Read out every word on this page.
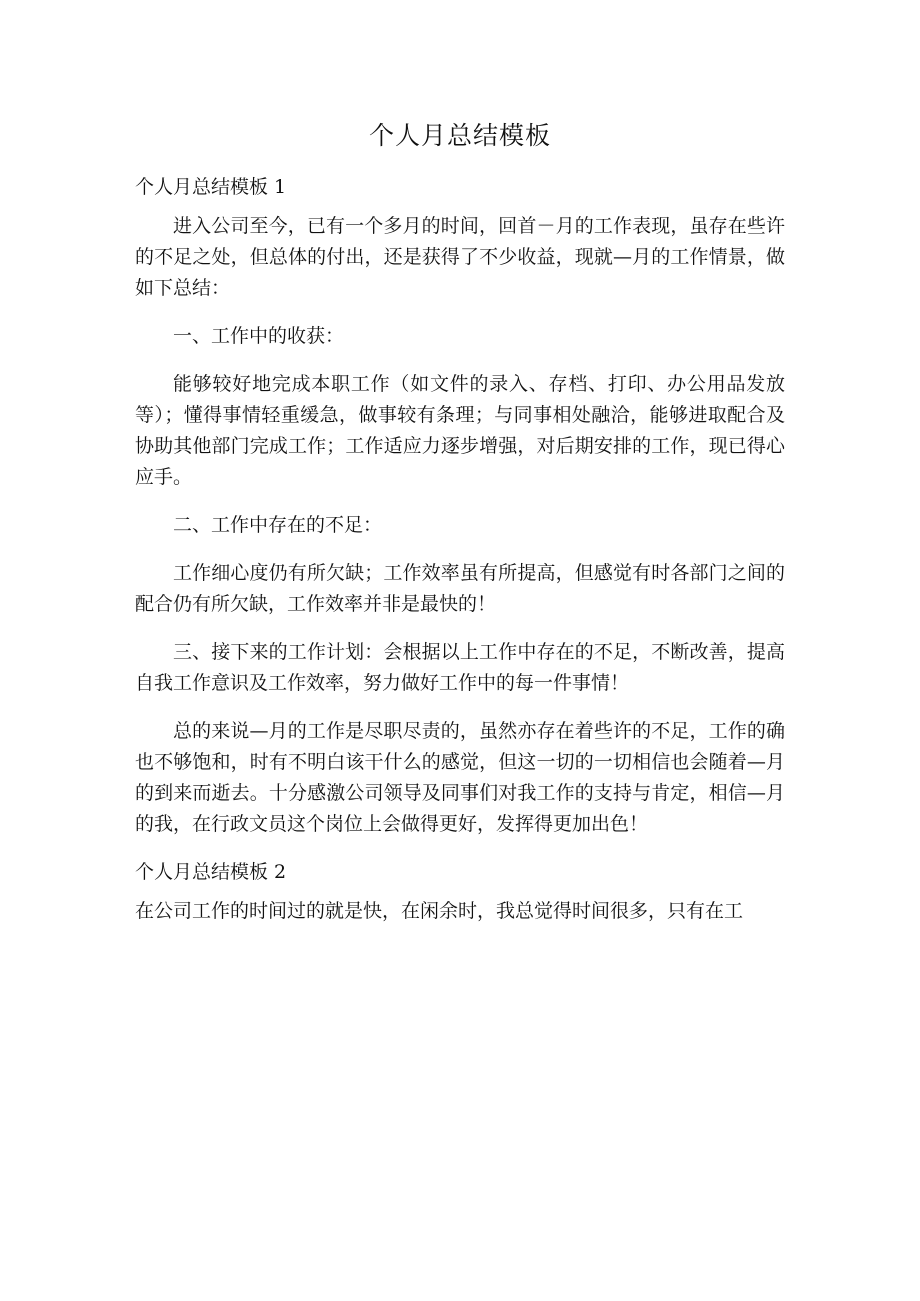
个人月总结模板
个人月总结模板 1

进入公司至今，已有一个多月的时间，回首－月的工作表现，虽存在些许的不足之处，但总体的付出，还是获得了不少收益，现就—月的工作情景，做如下总结：

一、工作中的收获：

能够较好地完成本职工作（如文件的录入、存档、打印、办公用品发放等）；懂得事情轻重缓急，做事较有条理；与同事相处融洽，能够进取配合及协助其他部门完成工作；工作适应力逐步增强，对后期安排的工作，现已得心应手。

二、工作中存在的不足：

工作细心度仍有所欠缺；工作效率虽有所提高，但感觉有时各部门之间的配合仍有所欠缺，工作效率并非是最快的！

三、接下来的工作计划：会根据以上工作中存在的不足，不断改善，提高自我工作意识及工作效率，努力做好工作中的每一件事情！

总的来说—月的工作是尽职尽责的，虽然亦存在着些许的不足，工作的确也不够饱和，时有不明白该干什么的感觉，但这一切的一切相信也会随着—月的到来而逝去。十分感激公司领导及同事们对我工作的支持与肯定，相信—月的我，在行政文员这个岗位上会做得更好，发挥得更加出色！

个人月总结模板 2

在公司工作的时间过的就是快，在闲余时，我总觉得时间很多，只有在工
